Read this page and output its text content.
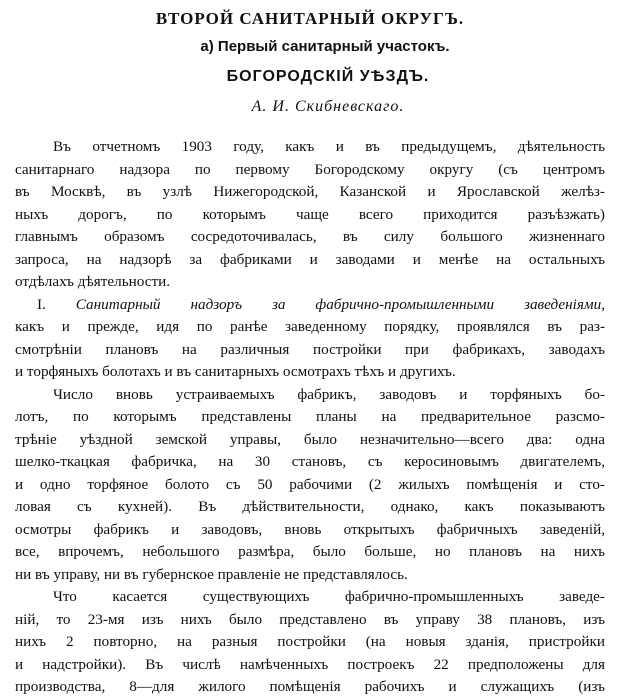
ВТОРОЙ САНИТАРНЫЙ ОКРУГЪ.
а) Первый санитарный участокъ.
БОГОРОДСКІЙ УѢЗДЪ.
А. И. Скибневскаго.
Въ отчетномъ 1903 году, какъ и въ предыдущемъ, дѣятельность
санитарнаго надзора по первому Богородскому округу (съ центромъ
въ Москвѣ, въ узлѣ Нижегородской, Казанской и Ярославской желѣз-
ныхъ дорогъ, по которымъ чаще всего приходится разъѣзжать)
главнымъ образомъ сосредоточивалась, въ силу большого жизненнаго
запроса, на надзорѣ за фабриками и заводами и менѣе на остальныхъ
отдѣлахъ дѣятельности.
I. Санитарный надзоръ за фабрично-промышленными заведеніями,
какъ и прежде, идя по ранѣе заведенному порядку, проявлялся въ раз-
смотрѣніи плановъ на различныя постройки при фабрикахъ, заводахъ
и торфяныхъ болотахъ и въ санитарныхъ осмотрахъ тѣхъ и другихъ.
Число вновь устраиваемыхъ фабрикъ, заводовъ и торфяныхъ бо-
лотъ, по которымъ представлены планы на предварительное разсмо-
трѣніе уѣздной земской управы, было незначительно—всего два: одна
шелко-ткацкая фабричка, на 30 становъ, съ керосиновымъ двигателемъ,
и одно торфяное болото съ 50 рабочими (2 жилыхъ помѣщенія и сто-
ловая съ кухней). Въ дѣйствительности, однако, какъ показываютъ
осмотры фабрикъ и заводовъ, вновь открытыхъ фабричныхъ заведеній,
все, впрочемъ, небольшого размѣра, было больше, но плановъ на нихъ
ни въ управу, ни въ губернское правленіе не представлялось.
Что касается существующихъ фабрично-промышленныхъ заведе-
ній, то 23-мя изъ нихъ было представлено въ управу 38 плановъ, изъ
нихъ 2 повторно, на разныя постройки (на новыя зданія, пристройки
и надстройки). Въ числѣ намѣченныхъ построекъ 22 предположены для
производства, 8—для жилого помѣщенія рабочихъ и служащихъ (изъ
